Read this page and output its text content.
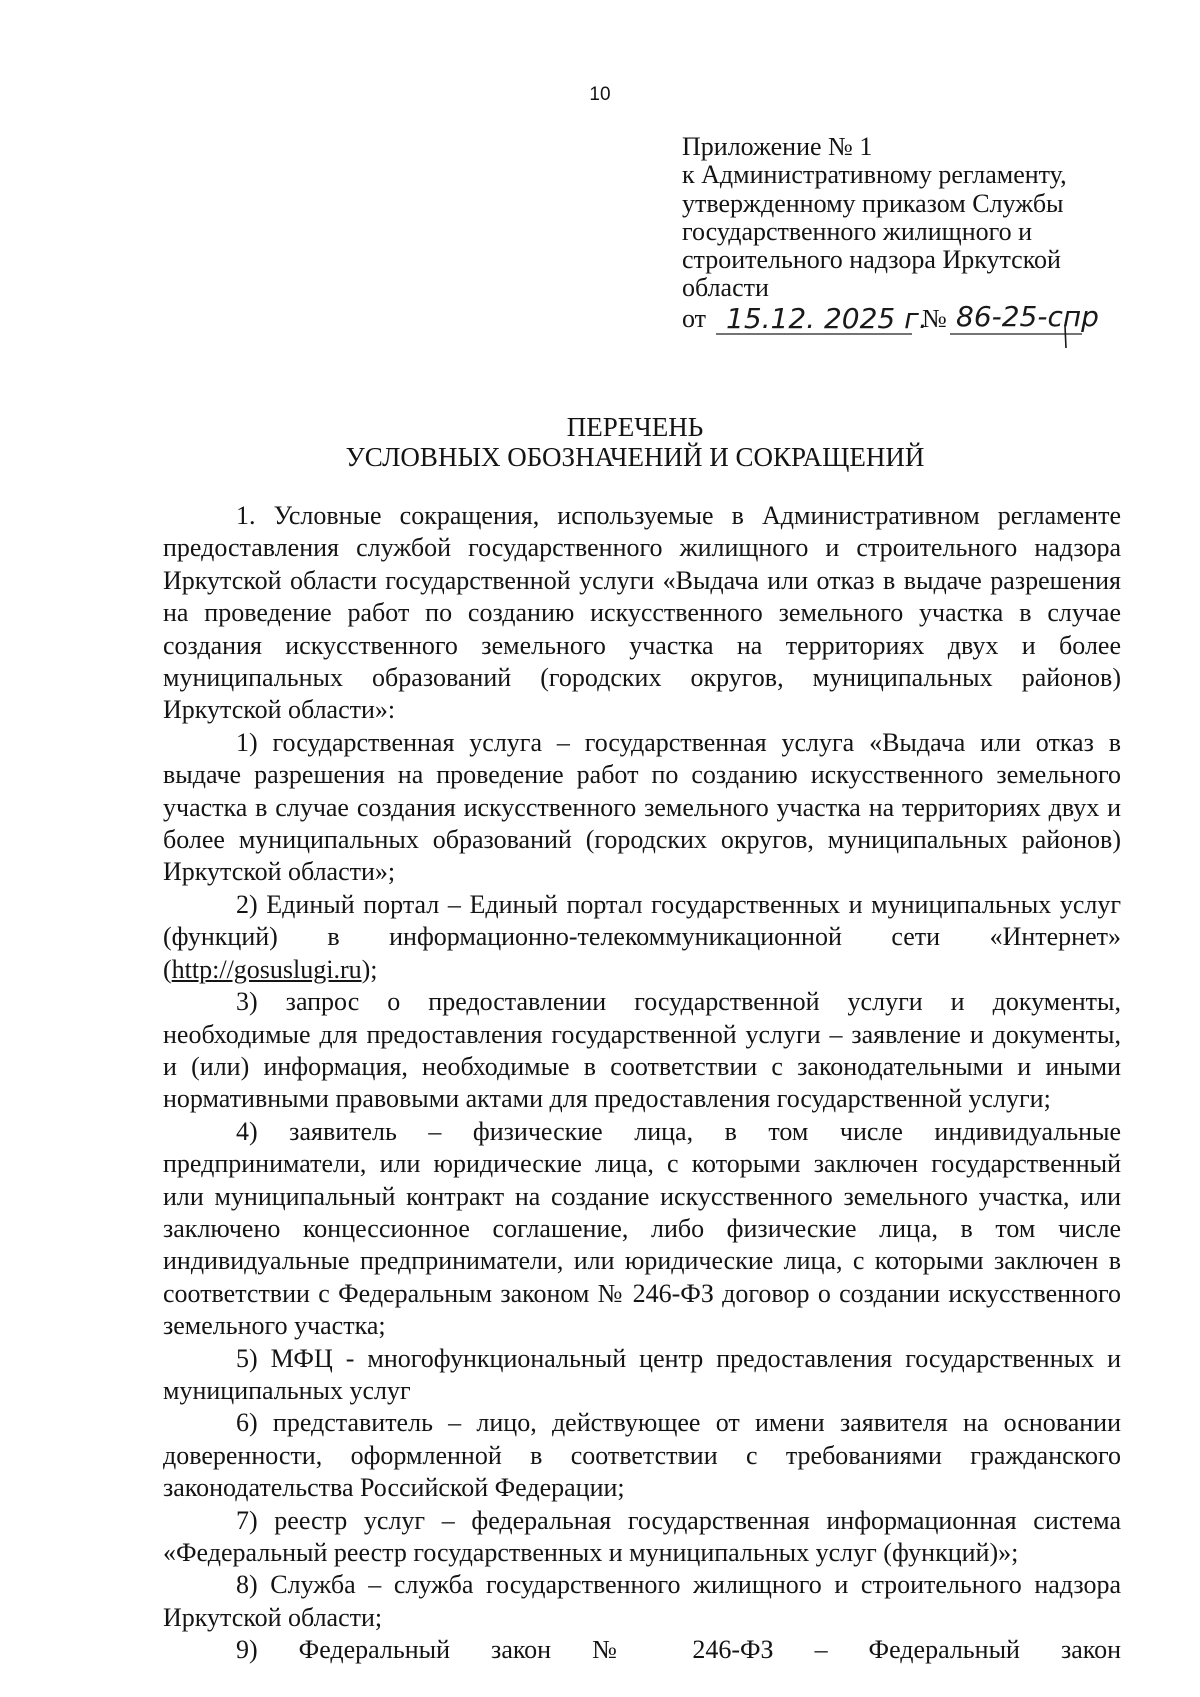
10
Приложение № 1
к Административному регламенту,
утвержденному приказом Службы
государственного жилищного и
строительного надзора Иркутской
области
от	№
15.12. 2025 г. 86-25-спр
ПЕРЕЧЕНЬ
УСЛОВНЫХ ОБОЗНАЧЕНИЙ И СОКРАЩЕНИЙ

1. Условные сокращения, используемые в Административном регламенте предоставления службой государственного жилищного и строительного надзора Иркутской области государственной услуги «Выдача или отказ в выдаче разрешения на проведение работ по созданию искусственного земельного участка в случае создания искусственного земельного участка на территориях двух и более муниципальных образований (городских округов, муниципальных районов) Иркутской области»:

1) государственная услуга – государственная услуга «Выдача или отказ в выдаче разрешения на проведение работ по созданию искусственного земельного участка в случае создания искусственного земельного участка на территориях двух и более муниципальных образований (городских округов, муниципальных районов) Иркутской области»;

2) Единый портал – Единый портал государственных и муниципальных услуг (функций) в информационно-телекоммуникационной сети «Интернет» (http://gosuslugi.ru);

3) запрос о предоставлении государственной услуги и документы, необходимые для предоставления государственной услуги – заявление и документы, и (или) информация, необходимые в соответствии с законодательными и иными нормативными правовыми актами для предоставления государственной услуги;

4) заявитель – физические лица, в том числе индивидуальные предприниматели, или юридические лица, с которыми заключен государственный или муниципальный контракт на создание искусственного земельного участка, или заключено концессионное соглашение, либо физические лица, в том числе индивидуальные предприниматели, или юридические лица, с которыми заключен в соответствии с Федеральным законом № 246-ФЗ договор о создании искусственного земельного участка;

5) МФЦ - многофункциональный центр предоставления государственных и муниципальных услуг

6) представитель – лицо, действующее от имени заявителя на основании доверенности, оформленной в соответствии с требованиями гражданского законодательства Российской Федерации;

7) реестр услуг – федеральная государственная информационная система «Федеральный реестр государственных и муниципальных услуг (функций)»;

8) Служба – служба государственного жилищного и строительного надзора Иркутской области;

9) Федеральный закон № 246-ФЗ – Федеральный закон
